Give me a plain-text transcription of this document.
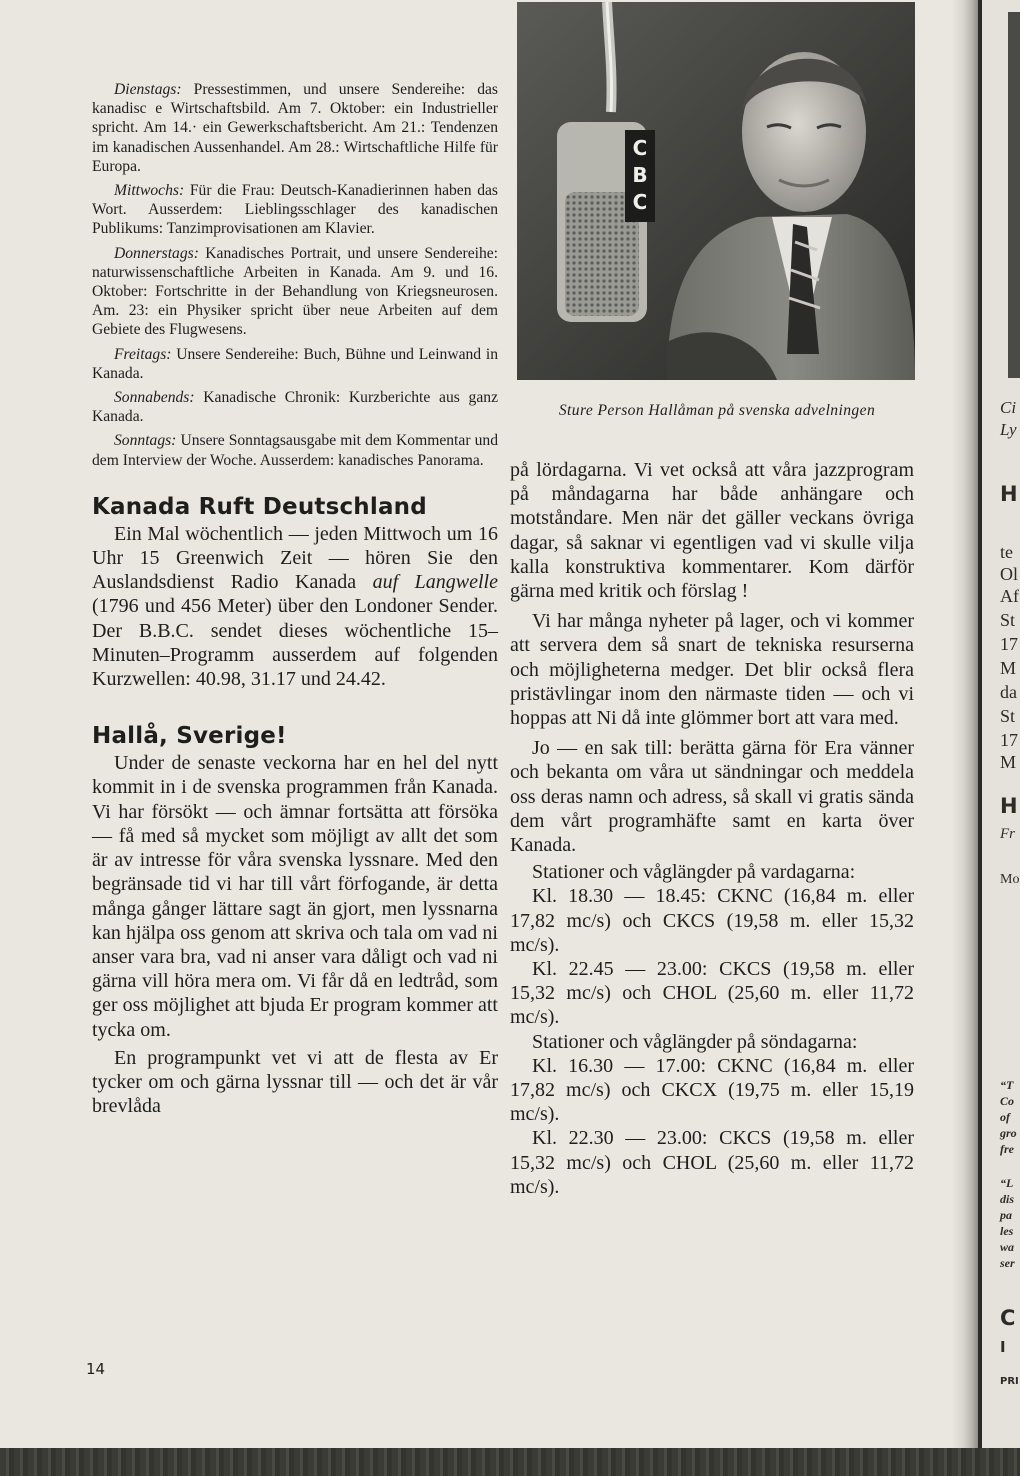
Dienstags: Pressestimmen, und unsere Sendereihe: das kanadisc e Wirtschaftsbild. Am 7. Oktober: ein Industrieller spricht. Am 14.· ein Gewerkschaftsbericht. Am 21.: Tendenzen im kanadischen Aussenhandel. Am 28.: Wirtschaftliche Hilfe für Europa.

Mittwochs: Für die Frau: Deutsch-Kanadierinnen haben das Wort. Ausserdem: Lieblingsschlager des kanadischen Publikums: Tanzimprovisationen am Klavier.

Donnerstags: Kanadisches Portrait, und unsere Sendereihe: naturwissenschaftliche Arbeiten in Kanada. Am 9. und 16. Oktober: Fortschritte in der Behandlung von Kriegsneurosen. Am. 23: ein Physiker spricht über neue Arbeiten auf dem Gebiete des Flugwesens.

Freitags: Unsere Sendereihe: Buch, Bühne und Leinwand in Kanada.

Sonnabends: Kanadische Chronik: Kurzberichte aus ganz Kanada.

Sonntags: Unsere Sonntagsausgabe mit dem Kommentar und dem Interview der Woche. Ausserdem: kanadisches Panorama.

Kanada Ruft Deutschland

Ein Mal wöchentlich — jeden Mittwoch um 16 Uhr 15 Greenwich Zeit — hören Sie den Auslandsdienst Radio Kanada auf Langwelle (1796 und 456 Meter) über den Londoner Sender. Der B.B.C. sendet dieses wöchentliche 15–Minuten–Programm ausserdem auf folgenden Kurzwellen: 40.98, 31.17 und 24.42.

Hallå, Sverige!

Under de senaste veckorna har en hel del nytt kommit in i de svenska programmen från Kanada. Vi har försökt — och ämnar fortsätta att försöka — få med så mycket som möjligt av allt det som är av intresse för våra svenska lyssnare. Med den begränsade tid vi har till vårt förfogande, är detta många gånger lättare sagt än gjort, men lyssnarna kan hjälpa oss genom att skriva och tala om vad ni anser vara bra, vad ni anser vara dåligt och vad ni gärna vill höra mera om. Vi får då en ledtråd, som ger oss möjlighet att bjuda Er program kommer att tycka om.

En programpunkt vet vi att de flesta av Er tycker om och gärna lyssnar till — och det är vår brevlåda

C
B
C

Sture Person Hallåman på svenska advelningen

på lördagarna. Vi vet också att våra jazzprogram på måndagarna har både anhängare och motståndare. Men när det gäller veckans övriga dagar, så saknar vi egentligen vad vi skulle vilja kalla konstruktiva kommentarer. Kom därför gärna med kritik och förslag !

Vi har många nyheter på lager, och vi kommer att servera dem så snart de tekniska resurserna och möjligheterna medger. Det blir också flera pristävlingar inom den närmaste tiden — och vi hoppas att Ni då inte glömmer bort att vara med.

Jo — en sak till: berätta gärna för Era vänner och bekanta om våra ut sändningar och meddela oss deras namn och adress, så skall vi gratis sända dem vårt programhäfte samt en karta över Kanada.

Stationer och våglängder på vardagarna:

Kl. 18.30 — 18.45: CKNC (16,84 m. eller 17,82 mc/s) och CKCS (19,58 m. eller 15,32 mc/s).

Kl. 22.45 — 23.00: CKCS (19,58 m. eller 15,32 mc/s) och CHOL (25,60 m. eller 11,72 mc/s).

Stationer och våglängder på söndagarna:

Kl. 16.30 — 17.00: CKNC (16,84 m. eller 17,82 mc/s) och CKCX (19,75 m. eller 15,19 mc/s).

Kl. 22.30 — 23.00: CKCS (19,58 m. eller 15,32 mc/s) och CHOL (25,60 m. eller 11,72 mc/s).

14
Ci
Ly
H
te
Ol
Af
St
17
M
da
St
17
M
H
Fr
Mo
“T
Co
of
gro
fre
“L
dis
pa
les
wa
ser
C
I
PRI
